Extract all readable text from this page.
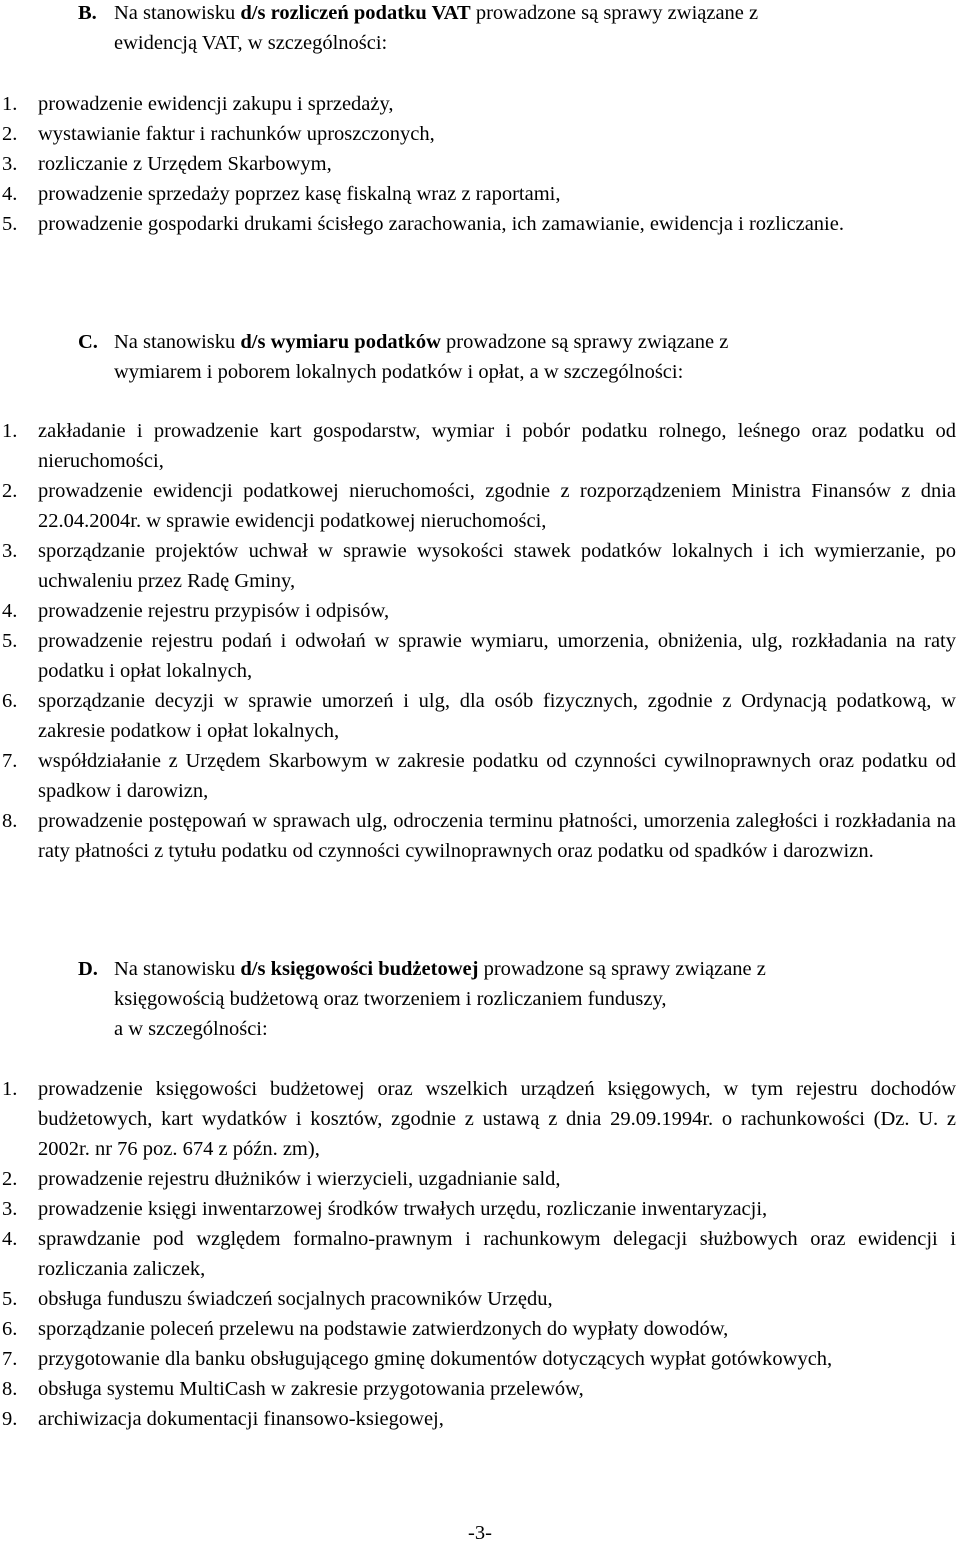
B. Na stanowisku d/s rozliczeń podatku VAT prowadzone są sprawy związane z
ewidencją VAT, w szczególności:
1. prowadzenie ewidencji zakupu i sprzedaży,
2. wystawianie faktur i rachunków uproszczonych,
3. rozliczanie z Urzędem Skarbowym,
4. prowadzenie sprzedaży poprzez kasę fiskalną wraz z raportami,
5. prowadzenie gospodarki drukami ścisłego zarachowania, ich zamawianie, ewidencja i rozliczanie.
C. Na stanowisku d/s wymiaru podatków prowadzone są sprawy związane z
wymiarem i poborem lokalnych podatków i opłat, a w szczególności:
1. zakładanie i prowadzenie kart gospodarstw, wymiar i pobór podatku rolnego, leśnego oraz podatku od nieruchomości,
2. prowadzenie ewidencji podatkowej nieruchomości, zgodnie z rozporządzeniem Ministra Finansów z dnia 22.04.2004r. w sprawie ewidencji podatkowej nieruchomości,
3. sporządzanie projektów uchwał w sprawie wysokości stawek podatków lokalnych i ich wymierzanie, po uchwaleniu przez Radę Gminy,
4. prowadzenie rejestru przypisów i odpisów,
5. prowadzenie rejestru podań i odwołań w sprawie wymiaru, umorzenia, obniżenia, ulg, rozkładania na raty podatku i opłat lokalnych,
6. sporządzanie decyzji w sprawie umorzeń i ulg, dla osób fizycznych, zgodnie z Ordynacją podatkową, w zakresie podatkow i opłat lokalnych,
7. współdziałanie z Urzędem Skarbowym w zakresie podatku od czynności cywilnoprawnych oraz podatku od spadkow i darowizn,
8. prowadzenie postępowań w sprawach ulg, odroczenia terminu płatności, umorzenia zaległości i rozkładania na raty płatności z tytułu podatku od czynności cywilnoprawnych oraz podatku od spadków i darozwizn.
D. Na stanowisku d/s księgowości budżetowej prowadzone są sprawy związane z
księgowością budżetową oraz tworzeniem i rozliczaniem funduszy,
a w szczególności:
1. prowadzenie księgowości budżetowej oraz wszelkich urządzeń księgowych, w tym rejestru dochodów budżetowych, kart wydatków i kosztów, zgodnie z ustawą z dnia 29.09.1994r. o rachunkowości (Dz. U. z 2002r. nr 76 poz. 674 z późn. zm),
2. prowadzenie rejestru dłużników i wierzycieli, uzgadnianie sald,
3. prowadzenie księgi inwentarzowej środków trwałych urzędu, rozliczanie inwentaryzacji,
4. sprawdzanie pod względem formalno-prawnym i rachunkowym delegacji służbowych oraz ewidencji i rozliczania zaliczek,
5. obsługa funduszu świadczeń socjalnych pracowników Urzędu,
6. sporządzanie poleceń przelewu na podstawie zatwierdzonych do wypłaty dowodów,
7. przygotowanie dla banku obsługującego gminę dokumentów dotyczących wypłat gotówkowych,
8. obsługa systemu MultiCash w zakresie przygotowania przelewów,
9. archiwizacja dokumentacji finansowo-ksiegowej,
-3-
